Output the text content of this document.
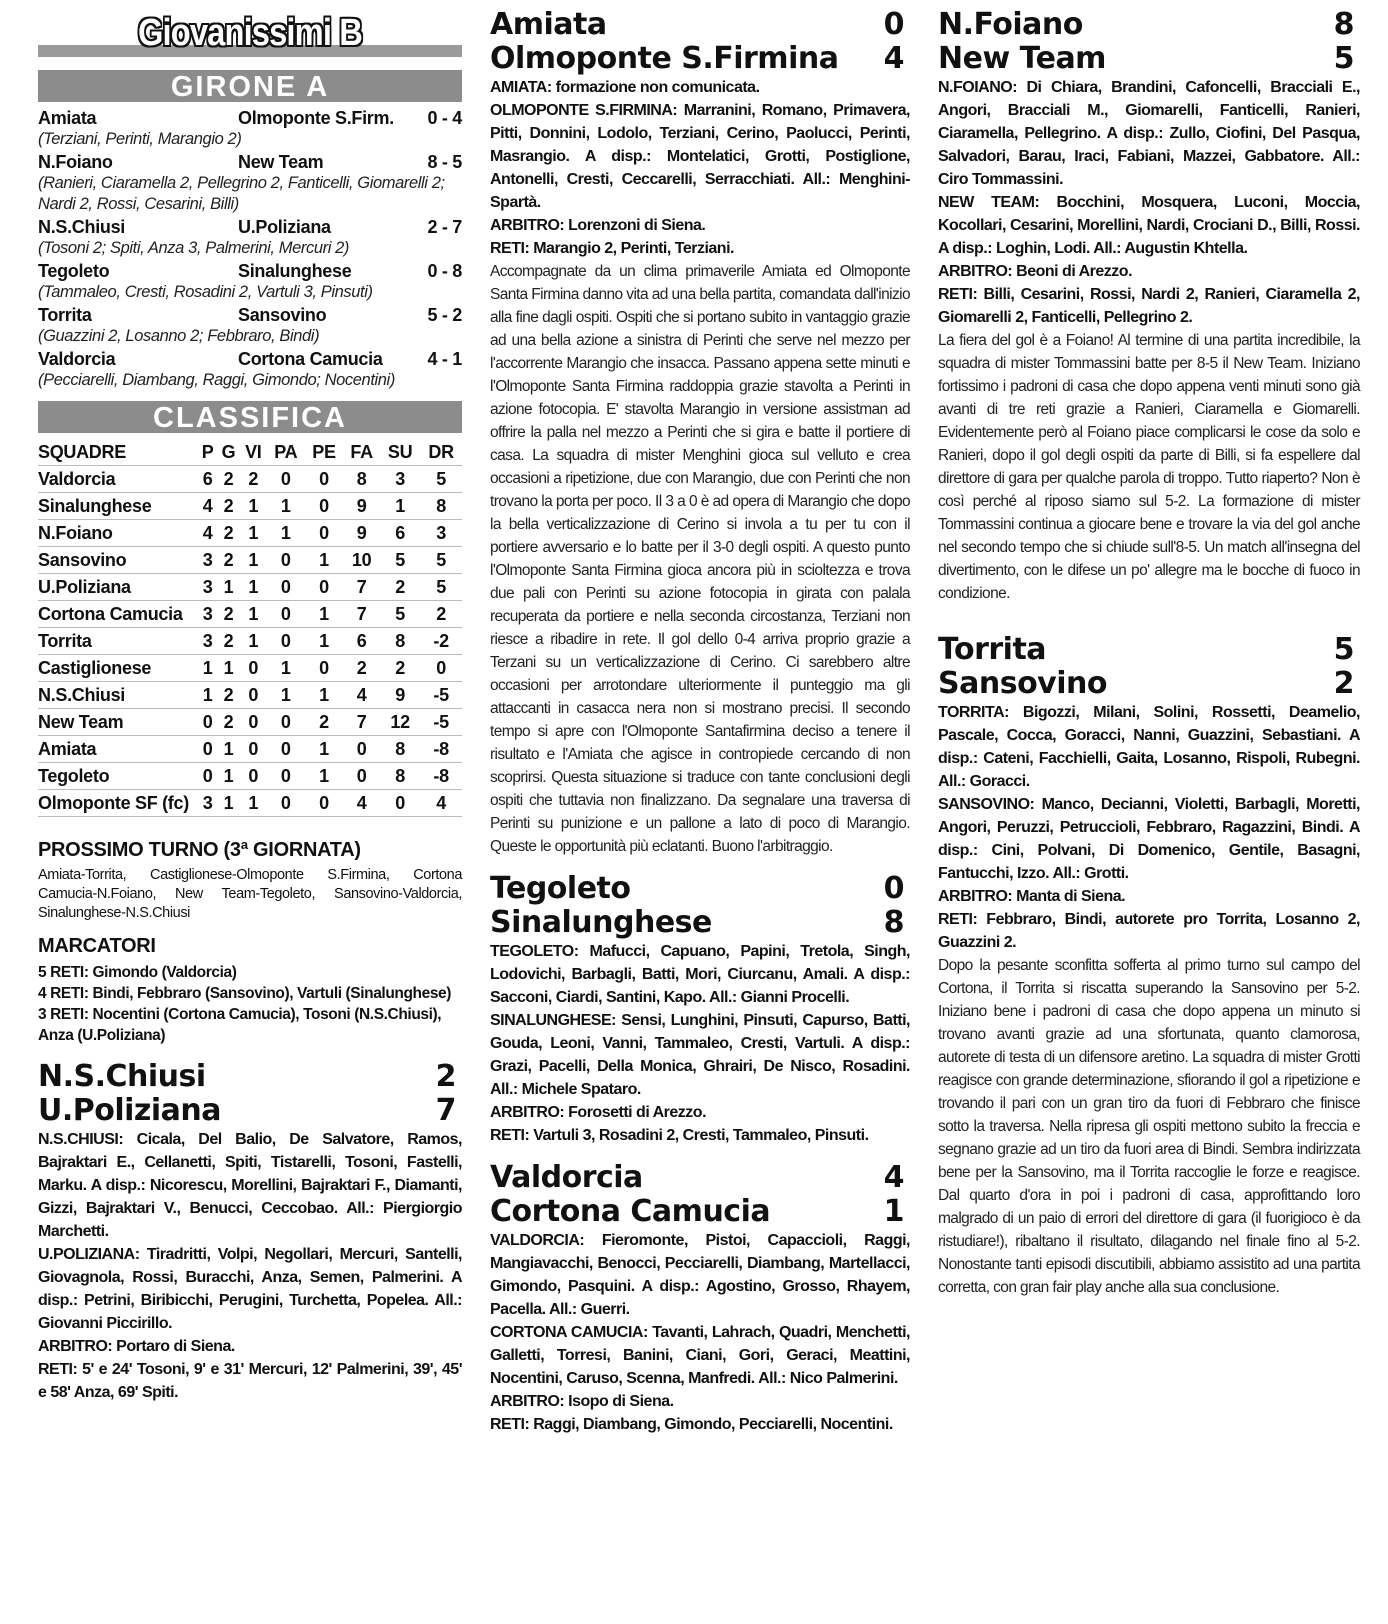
Giovanissimi B
GIRONE A
Amiata	Olmoponte S.Firm.	0 - 4
(Terziani, Perinti, Marangio 2)
N.Foiano	New Team	8 - 5
(Ranieri, Ciaramella 2, Pellegrino 2, Fanticelli, Giomarelli 2; Nardi 2, Rossi, Cesarini, Billi)
N.S.Chiusi	U.Poliziana	2 - 7
(Tosoni 2; Spiti, Anza 3, Palmerini, Mercuri 2)
Tegoleto	Sinalunghese	0 - 8
(Tammaleo, Cresti, Rosadini 2, Vartuli 3, Pinsuti)
Torrita	Sansovino	5 - 2
(Guazzini 2, Losanno 2; Febbraro, Bindi)
Valdorcia	Cortona Camucia	4 - 1
(Pecciarelli, Diambang, Raggi, Gimondo; Nocentini)
CLASSIFICA
SQUADRE	P	G	VI	PA	PE	FA	SU	DR
Valdorcia	6	2	2	0	0	8	3	5
Sinalunghese	4	2	1	1	0	9	1	8
N.Foiano	4	2	1	1	0	9	6	3
Sansovino	3	2	1	0	1	10	5	5
U.Poliziana	3	1	1	0	0	7	2	5
Cortona Camucia	3	2	1	0	1	7	5	2
Torrita	3	2	1	0	1	6	8	-2
Castiglionese	1	1	0	1	0	2	2	0
N.S.Chiusi	1	2	0	1	1	4	9	-5
New Team	0	2	0	0	2	7	12	-5
Amiata	0	1	0	0	1	0	8	-8
Tegoleto	0	1	0	0	1	0	8	-8
Olmoponte SF (fc)	3	1	1	0	0	4	0	4
PROSSIMO TURNO (3ª GIORNATA)
Amiata-Torrita, Castiglionese-Olmoponte S.Firmina, Cortona Camucia-N.Foiano, New Team-Tegoleto, Sansovino-Valdorcia, Sinalunghese-N.S.Chiusi
MARCATORI
5 RETI: Gimondo (Valdorcia)
4 RETI: Bindi, Febbraro (Sansovino), Vartuli (Sinalunghese)
3 RETI: Nocentini (Cortona Camucia), Tosoni (N.S.Chiusi), Anza (U.Poliziana)
N.S.Chiusi	2
U.Poliziana	7
N.S.CHIUSI: Cicala, Del Balio, De Salvatore, Ramos, Bajraktari E., Cellanetti, Spiti, Tistarelli, Tosoni, Fastelli, Marku. A disp.: Nicorescu, Morellini, Bajraktari F., Diamanti, Gizzi, Bajraktari V., Benucci, Ceccobao. All.: Piergiorgio Marchetti.
U.POLIZIANA: Tiradritti, Volpi, Negollari, Mercuri, Santelli, Giovagnola, Rossi, Buracchi, Anza, Semen, Palmerini. A disp.: Petrini, Biribicchi, Perugini, Turchetta, Popelea. All.: Giovanni Piccirillo.
ARBITRO: Portaro di Siena.
RETI: 5' e 24' Tosoni, 9' e 31' Mercuri, 12' Palmerini, 39', 45' e 58' Anza, 69' Spiti.
Amiata	0
Olmoponte S.Firmina 4
AMIATA: formazione non comunicata.
OLMOPONTE S.FIRMINA: Marranini, Romano, Primavera, Pitti, Donnini, Lodolo, Terziani, Cerino, Paolucci, Perinti, Masrangio. A disp.: Montelatici, Grotti, Postiglione, Antonelli, Cresti, Ceccarelli, Serracchiati. All.: Menghini-Spartà.
ARBITRO: Lorenzoni di Siena.
RETI: Marangio 2, Perinti, Terziani.
Accompagnate da un clima primaverile Amiata ed Olmoponte Santa Firmina danno vita ad una bella partita, comandata dall'inizio alla fine dagli ospiti. Ospiti che si portano subito in vantaggio grazie ad una bella azione a sinistra di Perinti che serve nel mezzo per l'accorrente Marangio che insacca. Passano appena sette minuti e l'Olmoponte Santa Firmina raddoppia grazie stavolta a Perinti in azione fotocopia. E' stavolta Marangio in versione assistman ad offrire la palla nel mezzo a Perinti che si gira e batte il portiere di casa. La squadra di mister Menghini gioca sul velluto e crea occasioni a ripetizione, due con Marangio, due con Perinti che non trovano la porta per poco. Il 3 a 0 è ad opera di Marangio che dopo la bella verticalizzazione di Cerino si invola a tu per tu con il portiere avversario e lo batte per il 3-0 degli ospiti. A questo punto l'Olmoponte Santa Firmina gioca ancora più in scioltezza e trova due pali con Perinti su azione fotocopia in girata con palala recuperata da portiere e nella seconda circostanza, Terziani non riesce a ribadire in rete. Il gol dello 0-4 arriva proprio grazie a Terzani su un verticalizzazione di Cerino. Ci sarebbero altre occasioni per arrotondare ulteriormente il punteggio ma gli attaccanti in casacca nera non si mostrano precisi. Il secondo tempo si apre con l'Olmoponte Santafirmina deciso a tenere il risultato e l'Amiata che agisce in contropiede cercando di non scoprirsi. Questa situazione si traduce con tante conclusioni degli ospiti che tuttavia non finalizzano. Da segnalare una traversa di Perinti su punizione e un pallone a lato di poco di Marangio. Queste le opportunità più eclatanti. Buono l'arbitraggio.
Tegoleto	0
Sinalunghese	8
TEGOLETO: Mafucci, Capuano, Papini, Tretola, Singh, Lodovichi, Barbagli, Batti, Mori, Ciurcanu, Amali. A disp.: Sacconi, Ciardi, Santini, Kapo. All.: Gianni Procelli.
SINALUNGHESE: Sensi, Lunghini, Pinsuti, Capurso, Batti, Gouda, Leoni, Vanni, Tammaleo, Cresti, Vartuli. A disp.: Grazi, Pacelli, Della Monica, Ghrairi, De Nisco, Rosadini. All.: Michele Spataro.
ARBITRO: Forosetti di Arezzo.
RETI: Vartuli 3, Rosadini 2, Cresti, Tammaleo, Pinsuti.
Valdorcia	4
Cortona Camucia	1
VALDORCIA: Fieromonte, Pistoi, Capaccioli, Raggi, Mangiavacchi, Benocci, Pecciarelli, Diambang, Martellacci, Gimondo, Pasquini. A disp.: Agostino, Grosso, Rhayem, Pacella. All.: Guerri.
CORTONA CAMUCIA: Tavanti, Lahrach, Quadri, Menchetti, Galletti, Torresi, Banini, Ciani, Gori, Geraci, Meattini, Nocentini, Caruso, Scenna, Manfredi. All.: Nico Palmerini.
ARBITRO: Isopo di Siena.
RETI: Raggi, Diambang, Gimondo, Pecciarelli, Nocentini.
N.Foiano	8
New Team	5
N.FOIANO: Di Chiara, Brandini, Cafoncelli, Bracciali E., Angori, Bracciali M., Giomarelli, Fanticelli, Ranieri, Ciaramella, Pellegrino. A disp.: Zullo, Ciofini, Del Pasqua, Salvadori, Barau, Iraci, Fabiani, Mazzei, Gabbatore. All.: Ciro Tommassini.
NEW TEAM: Bocchini, Mosquera, Luconi, Moccia, Kocollari, Cesarini, Morellini, Nardi, Crociani D., Billi, Rossi. A disp.: Loghin, Lodi. All.: Augustin Khtella.
ARBITRO: Beoni di Arezzo.
RETI: Billi, Cesarini, Rossi, Nardi 2, Ranieri, Ciaramella 2, Giomarelli 2, Fanticelli, Pellegrino 2.
La fiera del gol è a Foiano! Al termine di una partita incredibile, la squadra di mister Tommassini batte per 8-5 il New Team. Iniziano fortissimo i padroni di casa che dopo appena venti minuti sono già avanti di tre reti grazie a Ranieri, Ciaramella e Giomarelli. Evidentemente però al Foiano piace complicarsi le cose da solo e Ranieri, dopo il gol degli ospiti da parte di Billi, si fa espellere dal direttore di gara per qualche parola di troppo. Tutto riaperto? Non è così perché al riposo siamo sul 5-2. La formazione di mister Tommassini continua a giocare bene e trovare la via del gol anche nel secondo tempo che si chiude sull'8-5. Un match all'insegna del divertimento, con le difese un po' allegre ma le bocche di fuoco in condizione.
Torrita	5
Sansovino	2
TORRITA: Bigozzi, Milani, Solini, Rossetti, Deamelio, Pascale, Cocca, Goracci, Nanni, Guazzini, Sebastiani. A disp.: Cateni, Facchielli, Gaita, Losanno, Rispoli, Rubegni. All.: Goracci.
SANSOVINO: Manco, Decianni, Violetti, Barbagli, Moretti, Angori, Peruzzi, Petruccioli, Febbraro, Ragazzini, Bindi. A disp.: Cini, Polvani, Di Domenico, Gentile, Basagni, Fantucchi, Izzo. All.: Grotti.
ARBITRO: Manta di Siena.
RETI: Febbraro, Bindi, autorete pro Torrita, Losanno 2, Guazzini 2.
Dopo la pesante sconfitta sofferta al primo turno sul campo del Cortona, il Torrita si riscatta superando la Sansovino per 5-2. Iniziano bene i padroni di casa che dopo appena un minuto si trovano avanti grazie ad una sfortunata, quanto clamorosa, autorete di testa di un difensore aretino. La squadra di mister Grotti reagisce con grande determinazione, sfiorando il gol a ripetizione e trovando il pari con un gran tiro da fuori di Febbraro che finisce sotto la traversa. Nella ripresa gli ospiti mettono subito la freccia e segnano grazie ad un tiro da fuori area di Bindi. Sembra indirizzata bene per la Sansovino, ma il Torrita raccoglie le forze e reagisce. Dal quarto d'ora in poi i padroni di casa, approfittando loro malgrado di un paio di errori del direttore di gara (il fuorigioco è da ristudiare!), ribaltano il risultato, dilagando nel finale fino al 5-2. Nonostante tanti episodi discutibili, abbiamo assistito ad una partita corretta, con gran fair play anche alla sua conclusione.
